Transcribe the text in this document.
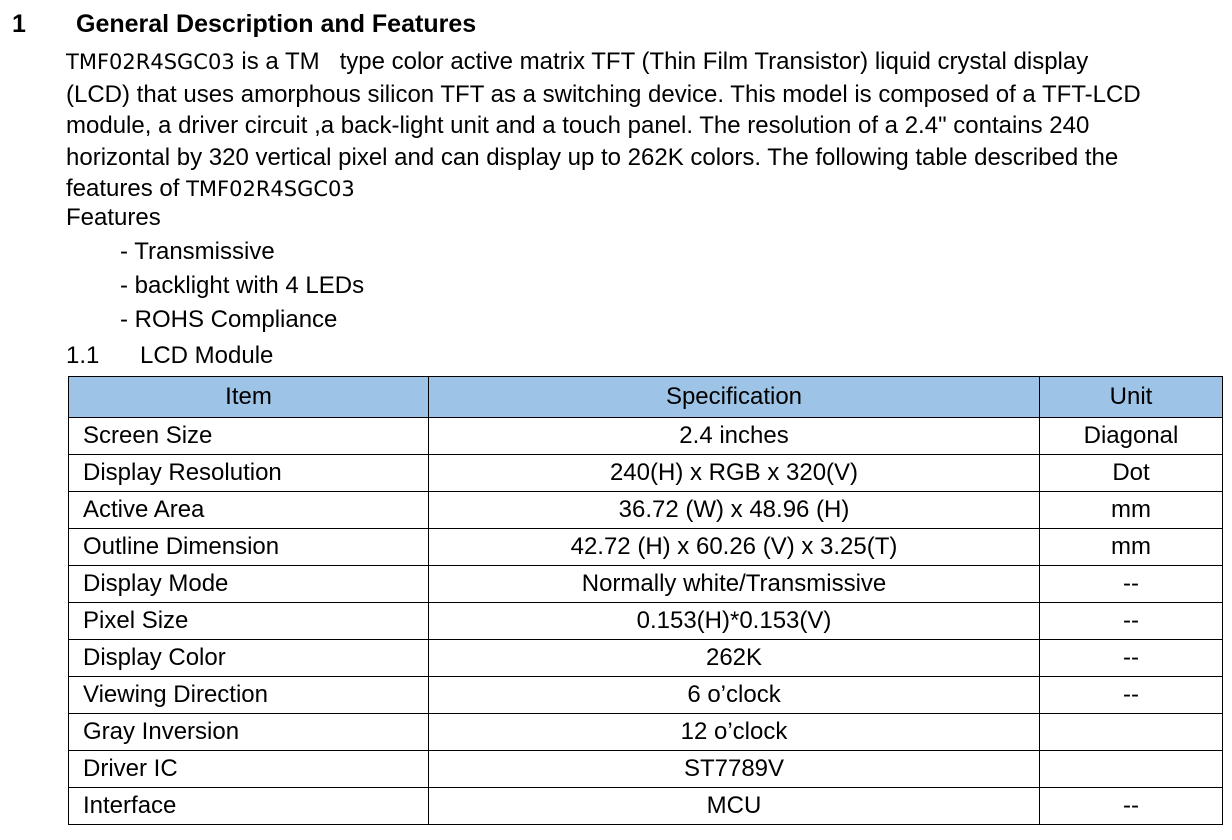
1 General Description and Features
TMF02R4SGC03 is a TM   type color active matrix TFT (Thin Film Transistor) liquid crystal display
(LCD) that uses amorphous silicon TFT as a switching device. This model is composed of a TFT-LCD
module, a driver circuit ,a back-light unit and a touch panel. The resolution of a 2.4" contains 240
horizontal by 320 vertical pixel and can display up to 262K colors. The following table described the
features of TMF02R4SGC03
Features
- Transmissive
- backlight with 4 LEDs
- ROHS Compliance
1.1 LCD Module
Item	Specification	Unit
Screen Size	2.4 inches	Diagonal
Display Resolution	240(H) x RGB x 320(V)	Dot
Active Area	36.72 (W) x 48.96 (H)	mm
Outline Dimension	42.72 (H) x 60.26 (V) x 3.25(T)	mm
Display Mode	Normally white/Transmissive	--
Pixel Size	0.153(H)*0.153(V)	--
Display Color	262K	--
Viewing Direction	6 o’clock	--
Gray Inversion	12 o’clock	
Driver IC	ST7789V	
Interface	MCU	--
